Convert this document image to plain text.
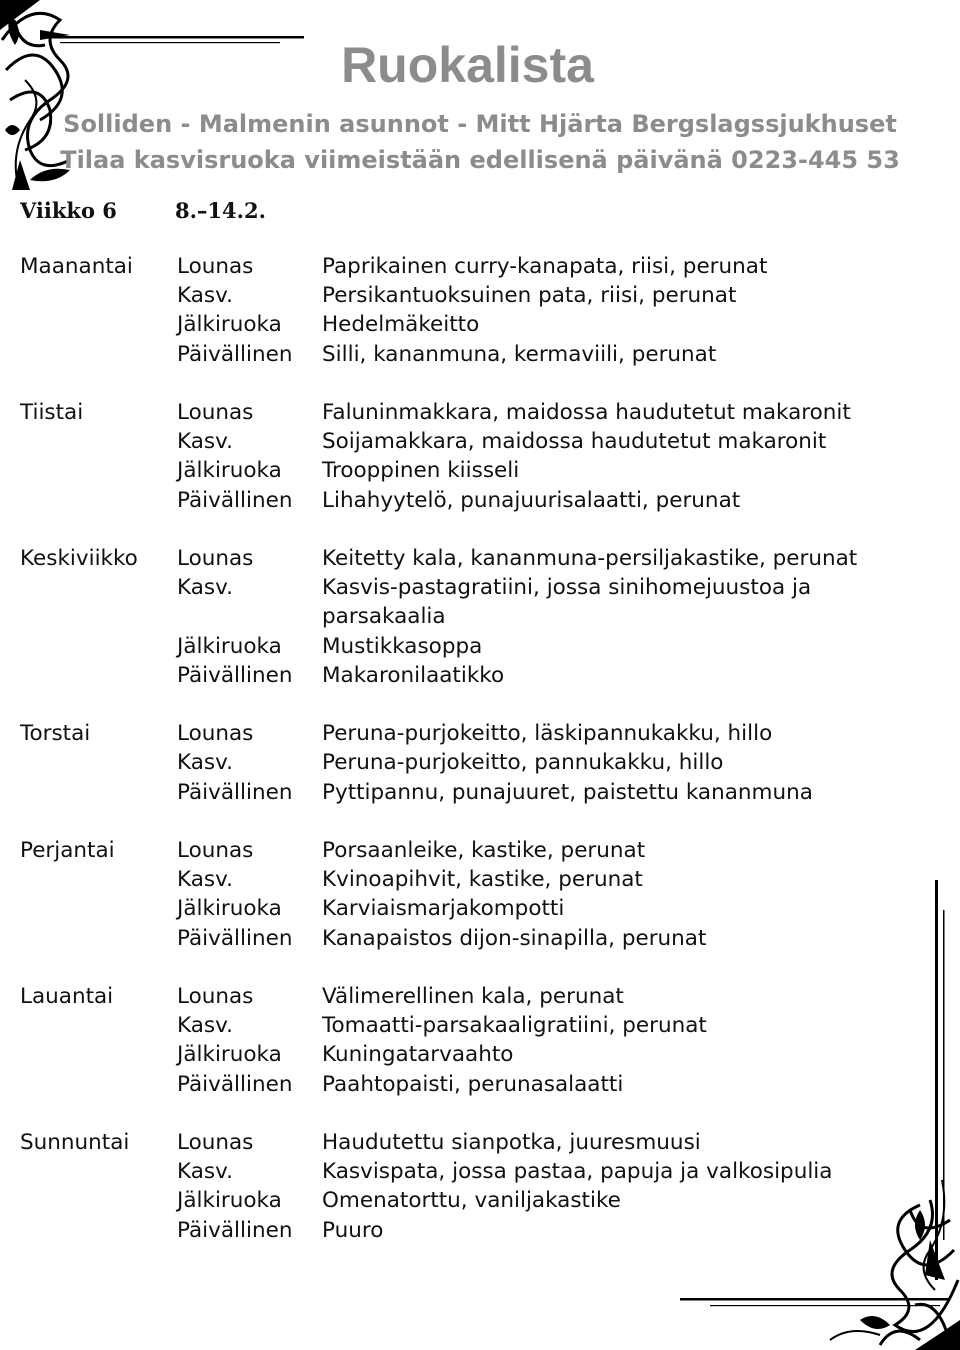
Ruokalista
Solliden - Malmenin asunnot - Mitt Hjärta Bergslagssjukhuset
Tilaa kasvisruoka viimeistään edellisenä päivänä 0223-445 53
Viikko 6	8.–14.2.
Maanantai Lounas	Paprikainen curry-kanapata, riisi, perunat
Kasv.	Persikantuoksuinen pata, riisi, perunat
Jälkiruoka Hedelmäkeitto
Päivällinen Silli, kananmuna, kermaviili, perunat
Tiistai	Lounas	Faluninmakkara, maidossa haudutetut makaronit
Kasv.	Soijamakkara, maidossa haudutetut makaronit
Jälkiruoka Trooppinen kiisseli
Päivällinen Lihahyytelö, punajuurisalaatti, perunat
Keskiviikko Lounas	Keitetty kala, kananmuna-persiljakastike, perunat
Kasv.	Kasvis-pastagratiini, jossa sinihomejuustoa ja parsakaalia
Jälkiruoka Mustikkasoppa
Päivällinen Makaronilaatikko
Torstai	Lounas	Peruna-purjokeitto, läskipannukakku, hillo
Kasv.	Peruna-purjokeitto, pannukakku, hillo
Päivällinen Pyttipannu, punajuuret, paistettu kananmuna
Perjantai	Lounas	Porsaanleike, kastike, perunat
Kasv.	Kvinoapihvit, kastike, perunat
Jälkiruoka Karviaismarjakompotti
Päivällinen Kanapaistos dijon-sinapilla, perunat
Lauantai	Lounas	Välimerellinen kala, perunat
Kasv.	Tomaatti-parsakaaligratiini, perunat
Jälkiruoka Kuningatarvaahto
Päivällinen Paahtopaisti, perunasalaatti
Sunnuntai Lounas	Haudutettu sianpotka, juuresmuusi
Kasv.	Kasvispata, jossa pastaa, papuja ja valkosipulia
Jälkiruoka Omenatorttu, vaniljakastike
Päivällinen Puuro
